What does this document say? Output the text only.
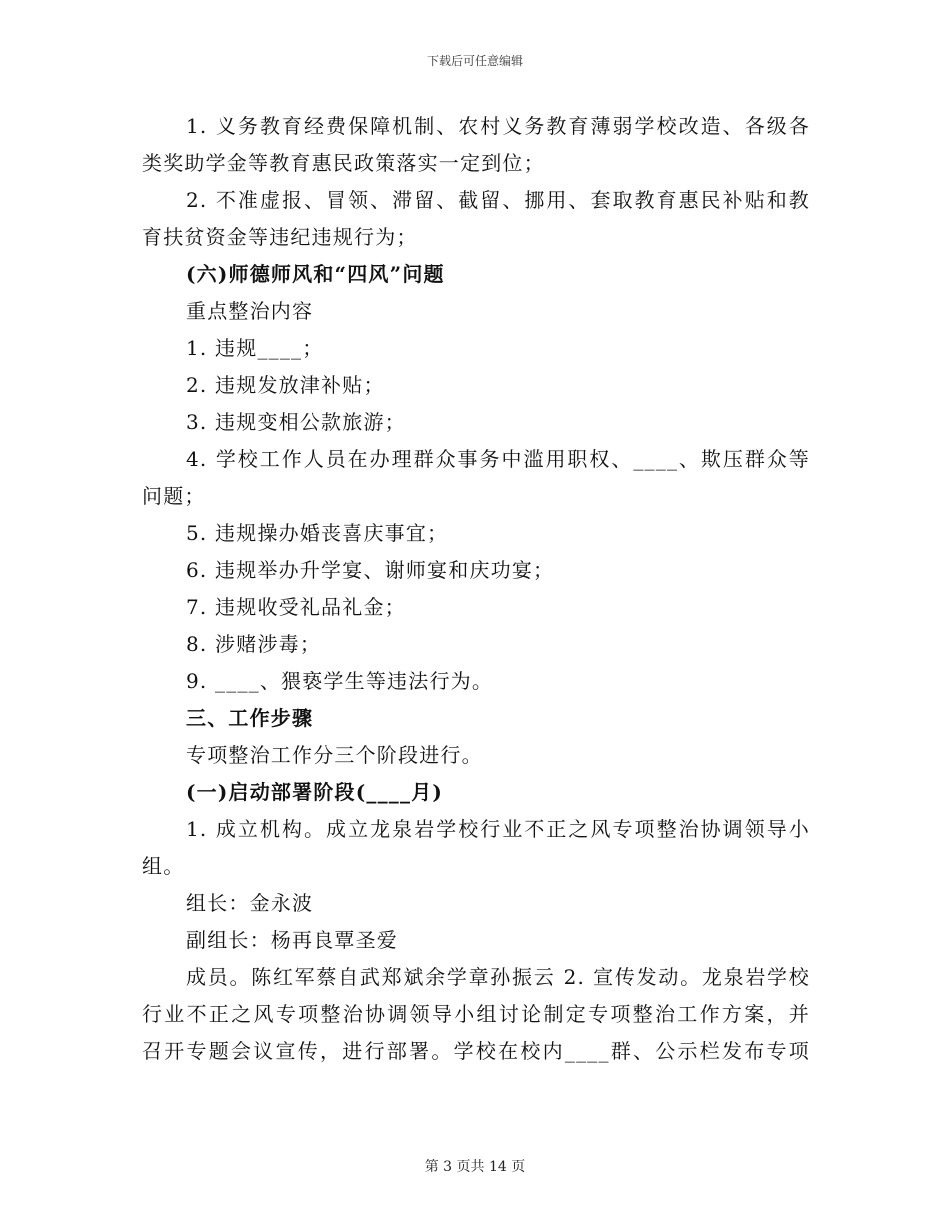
下载后可任意编辑
1. 义务教育经费保障机制、农村义务教育薄弱学校改造、各级各
类奖助学金等教育惠民政策落实一定到位；
2. 不准虚报、冒领、滞留、截留、挪用、套取教育惠民补贴和教
育扶贫资金等违纪违规行为；
(六)师德师风和“四风”问题
重点整治内容
1. 违规____；
2. 违规发放津补贴；
3. 违规变相公款旅游；
4. 学校工作人员在办理群众事务中滥用职权、____、欺压群众等
问题；
5. 违规操办婚丧喜庆事宜；
6. 违规举办升学宴、谢师宴和庆功宴；
7. 违规收受礼品礼金；
8. 涉赌涉毒；
9. ____、猥亵学生等违法行为。
三、工作步骤
专项整治工作分三个阶段进行。
(一)启动部署阶段(____月)
1. 成立机构。成立龙泉岩学校行业不正之风专项整治协调领导小
组。
组长：金永波
副组长：杨再良覃圣爱
成员。陈红军蔡自武郑斌余学章孙振云 2. 宣传发动。龙泉岩学校
行业不正之风专项整治协调领导小组讨论制定专项整治工作方案，并
召开专题会议宣传，进行部署。学校在校内____群、公示栏发布专项
第 3 页共 14 页
